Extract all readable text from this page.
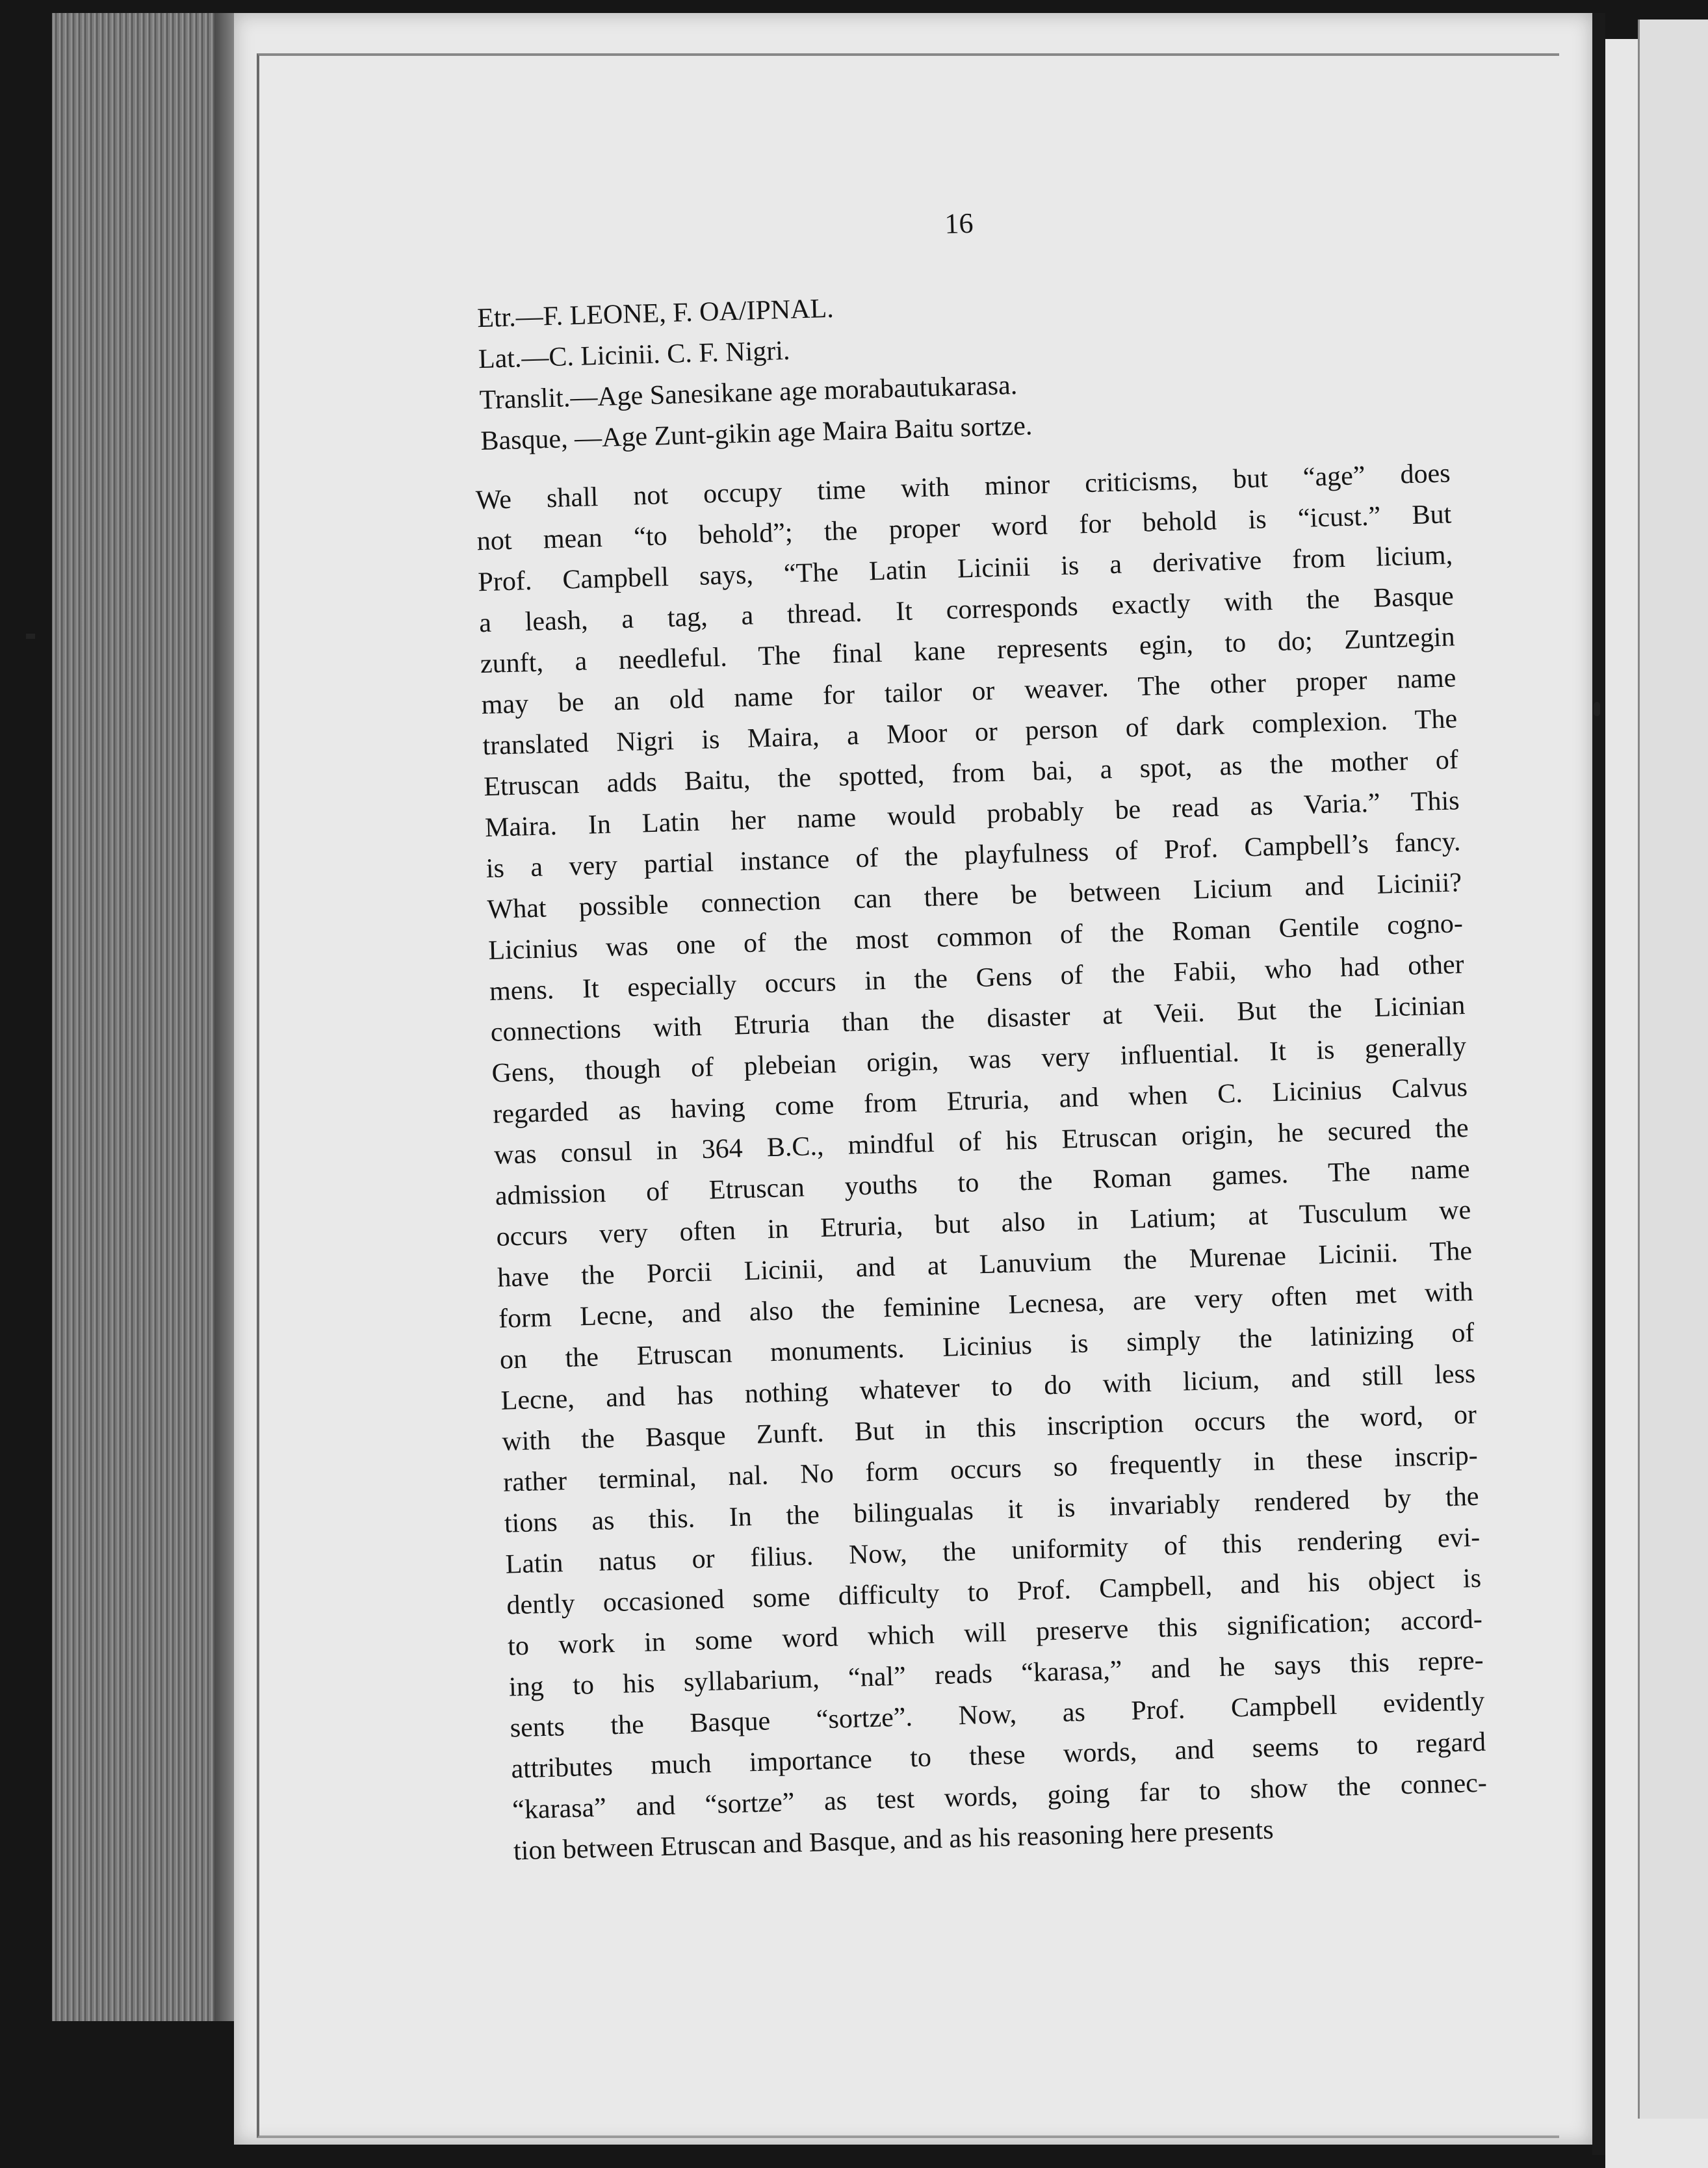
16

Etr.—F. LEONE, F. OA/IPNAL.

Lat.—C. Licinii. C. F. Nigri.

Translit.—Age Sanesikane age morabautukarasa.

Basque, —Age Zunt-gikin age Maira Baitu sortze.

We shall not occupy time with minor criticisms, but “age” does
not mean “to behold”; the proper word for behold is “icust.” But
Prof. Campbell says, “The Latin Licinii is a derivative from licium,
a leash, a tag, a thread. It corresponds exactly with the Basque
zunft, a needleful. The final kane represents egin, to do; Zuntzegin
may be an old name for tailor or weaver. The other proper name
translated Nigri is Maira, a Moor or person of dark complexion. The
Etruscan adds Baitu, the spotted, from bai, a spot, as the mother of
Maira. In Latin her name would probably be read as Varia.” This
is a very partial instance of the playfulness of Prof. Campbell’s fancy.
What possible connection can there be between Licium and Licinii?
Licinius was one of the most common of the Roman Gentile cogno-
mens. It especially occurs in the Gens of the Fabii, who had other
connections with Etruria than the disaster at Veii. But the Licinian
Gens, though of plebeian origin, was very influential. It is generally
regarded as having come from Etruria, and when C. Licinius Calvus
was consul in 364 B.C., mindful of his Etruscan origin, he secured the
admission of Etruscan youths to the Roman games. The name
occurs very often in Etruria, but also in Latium; at Tusculum we
have the Porcii Licinii, and at Lanuvium the Murenae Licinii. The
form Lecne, and also the feminine Lecnesa, are very often met with
on the Etruscan monuments. Licinius is simply the latinizing of
Lecne, and has nothing whatever to do with licium, and still less
with the Basque Zunft. But in this inscription occurs the word, or
rather terminal, nal. No form occurs so frequently in these inscrip-
tions as this. In the bilingualas it is invariably rendered by the
Latin natus or filius. Now, the uniformity of this rendering evi-
dently occasioned some difficulty to Prof. Campbell, and his object is
to work in some word which will preserve this signification; accord-
ing to his syllabarium, “nal” reads “karasa,” and he says this repre-
sents the Basque “sortze”. Now, as Prof. Campbell evidently
attributes much importance to these words, and seems to regard
“karasa” and “sortze” as test words, going far to show the connec-
tion between Etruscan and Basque, and as his reasoning here presents
